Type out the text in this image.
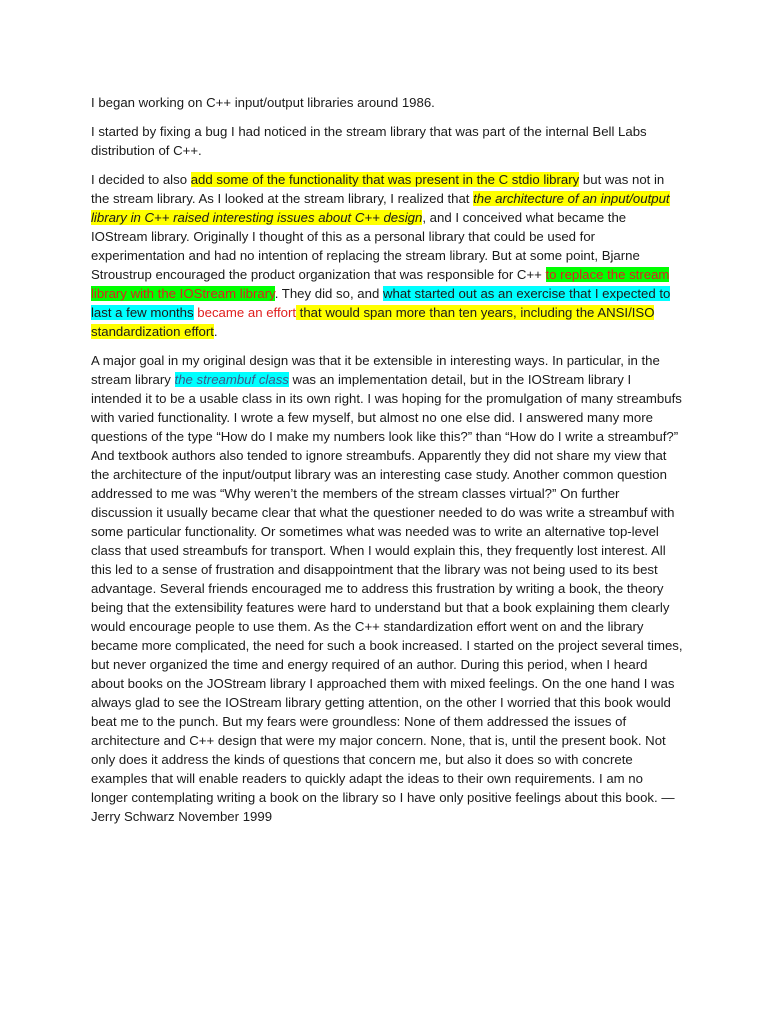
I began working on C++ input/output libraries around 1986.

I started by fixing a bug I had noticed in the stream library that was part of the internal Bell Labs distribution of C++.

I decided to also add some of the functionality that was present in the C stdio library but was not in the stream library. As I looked at the stream library, I realized that the architecture of an input/output library in C++ raised interesting issues about C++ design, and I conceived what became the IOStream library. Originally I thought of this as a personal library that could be used for experimentation and had no intention of replacing the stream library. But at some point, Bjarne Stroustrup encouraged the product organization that was responsible for C++ to replace the stream library with the IOStream library. They did so, and what started out as an exercise that I expected to last a few months became an effort that would span more than ten years, including the ANSI/ISO standardization effort.

A major goal in my original design was that it be extensible in interesting ways. In particular, in the stream library the streambuf class was an implementation detail, but in the IOStream library I intended it to be a usable class in its own right. I was hoping for the promulgation of many streambufs with varied functionality. I wrote a few myself, but almost no one else did. I answered many more questions of the type “How do I make my numbers look like this?” than “How do I write a streambuf?” And textbook authors also tended to ignore streambufs. Apparently they did not share my view that the architecture of the input/output library was an interesting case study. Another common question addressed to me was “Why weren’t the members of the stream classes virtual?” On further discussion it usually became clear that what the questioner needed to do was write a streambuf with some particular functionality. Or sometimes what was needed was to write an alternative top-level class that used streambufs for transport. When I would explain this, they frequently lost interest. All this led to a sense of frustration and disappointment that the library was not being used to its best advantage. Several friends encouraged me to address this frustration by writing a book, the theory being that the extensibility features were hard to understand but that a book explaining them clearly would encourage people to use them. As the C++ standardization effort went on and the library became more complicated, the need for such a book increased. I started on the project several times, but never organized the time and energy required of an author. During this period, when I heard about books on the JOStream library I approached them with mixed feelings. On the one hand I was always glad to see the IOStream library getting attention, on the other I worried that this book would beat me to the punch. But my fears were groundless: None of them addressed the issues of architecture and C++ design that were my major concern. None, that is, until the present book. Not only does it address the kinds of questions that concern me, but also it does so with concrete examples that will enable readers to quickly adapt the ideas to their own requirements. I am no longer contemplating writing a book on the library so I have only positive feelings about this book. —Jerry Schwarz November 1999
